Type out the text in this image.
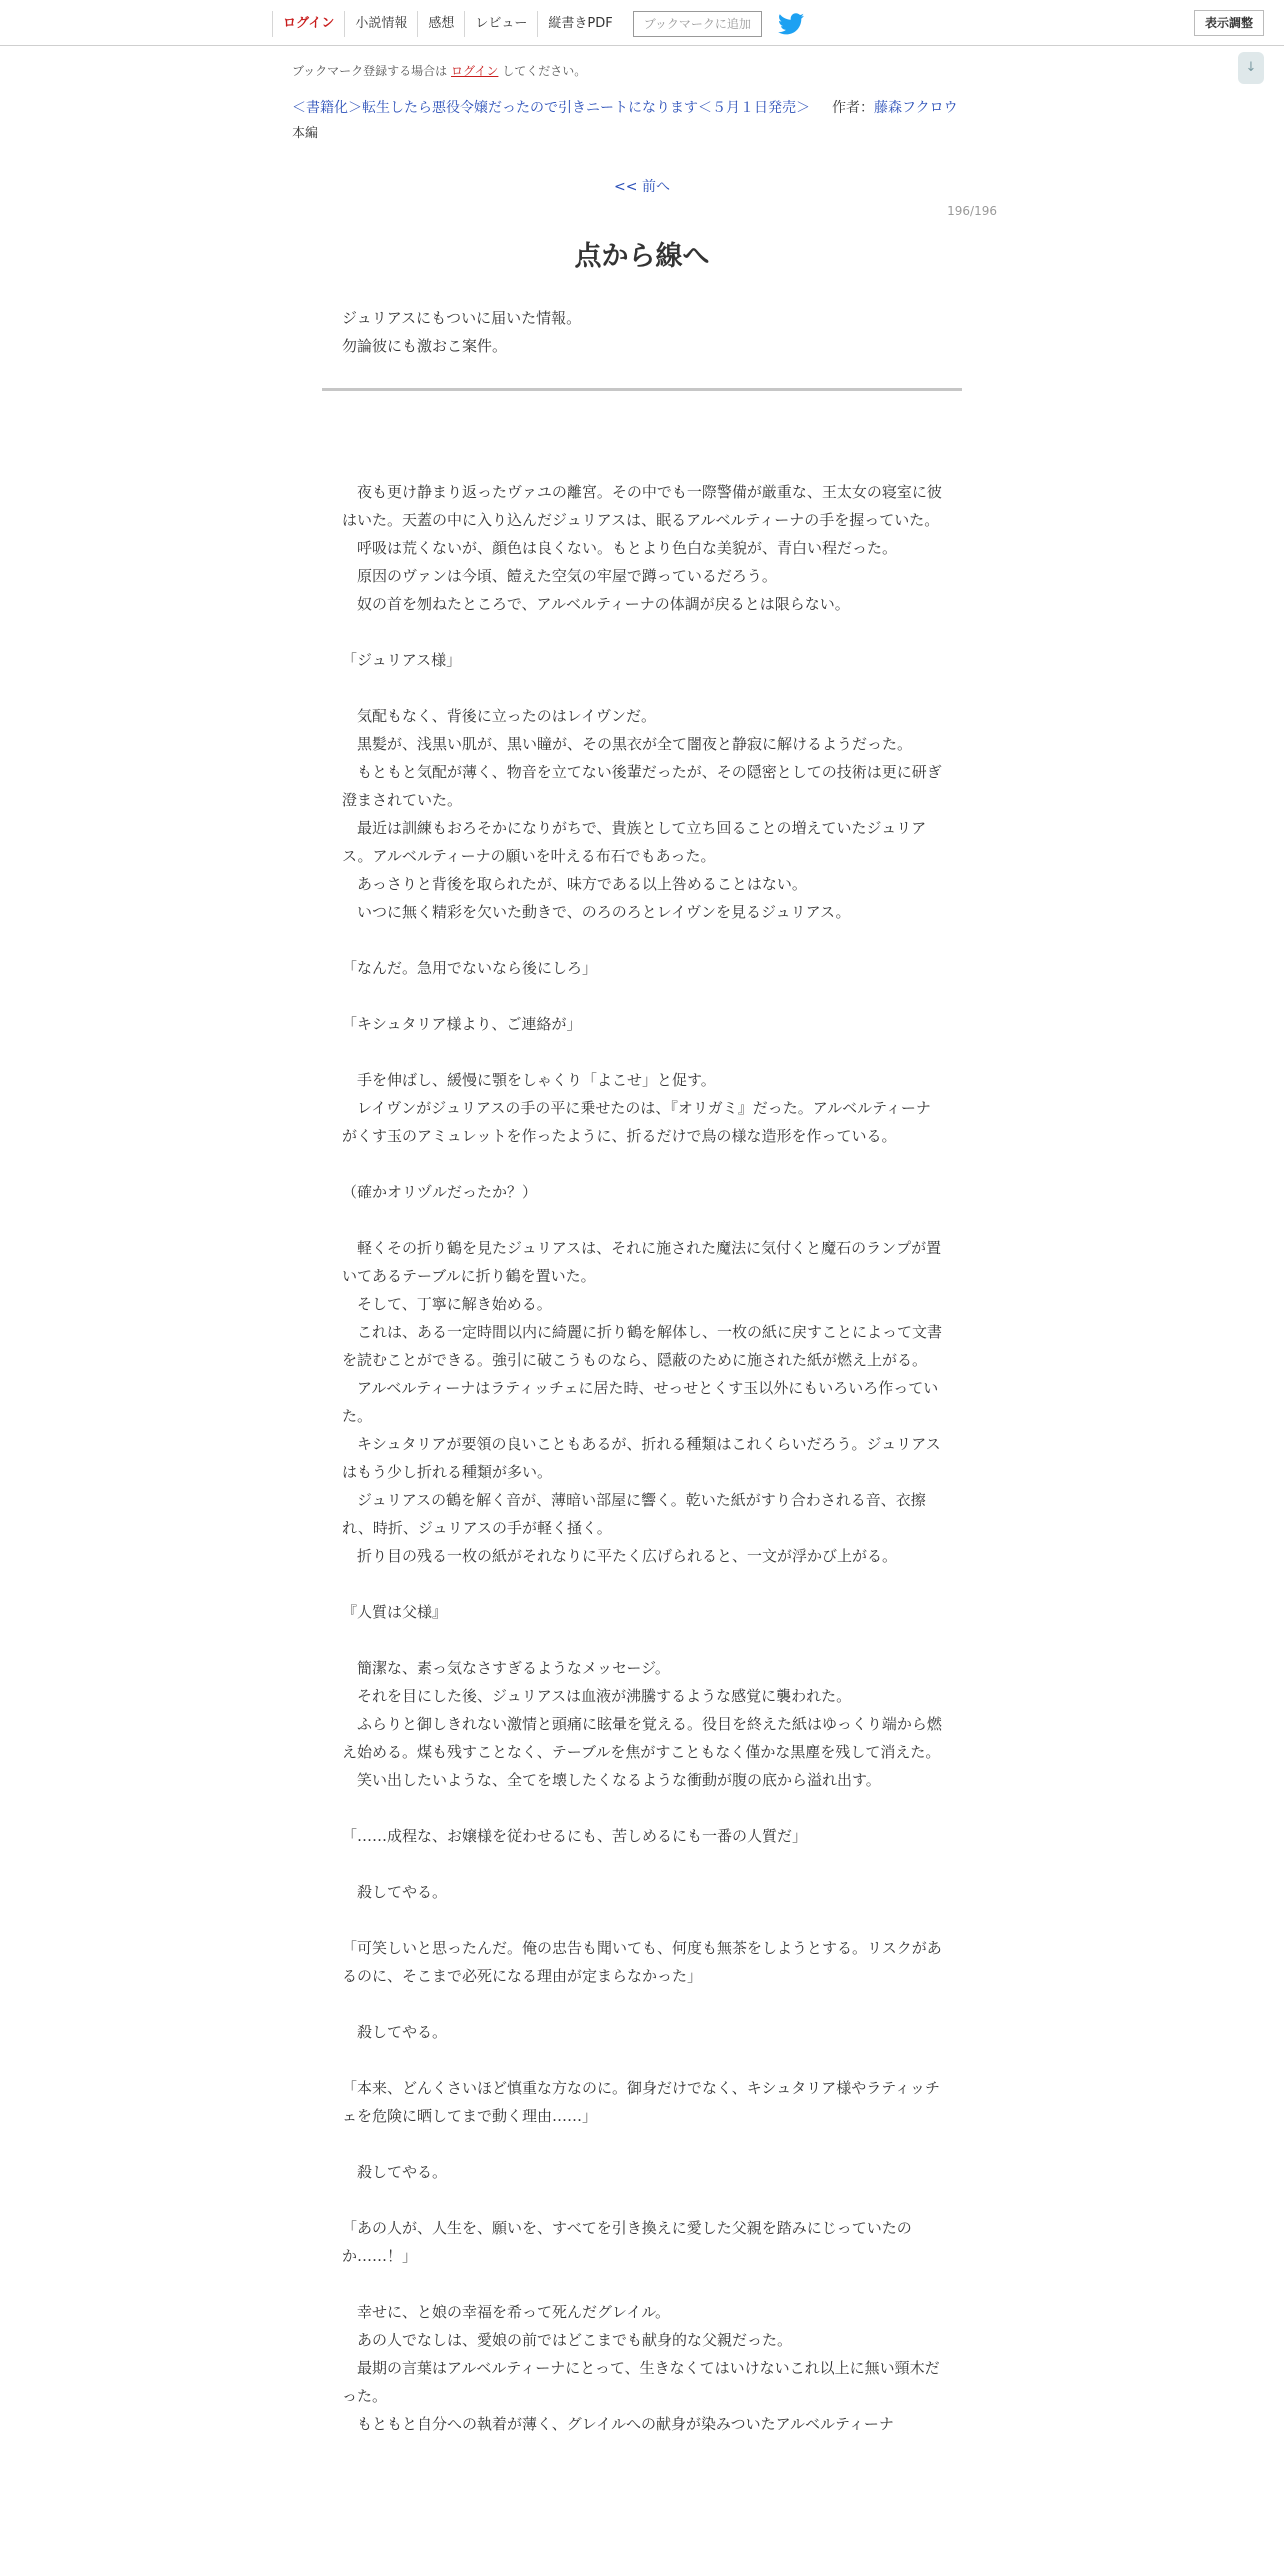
ログイン	小説情報	感想	レビュー	縦書きPDF	ブックマークに追加	表示調整
↓
ブックマーク登録する場合は ログイン してください。
＜書籍化＞転生したら悪役令嬢だったので引きニートになります＜５月１日発売＞ 作者：藤森フクロウ
本編
<< 前へ
196/196
点から線へ

ジュリアスにもついに届いた情報。

勿論彼にも激おこ案件。

　夜も更け静まり返ったヴァユの離宮。その中でも一際警備が厳重な、王太女の寝室に彼はいた。天蓋の中に入り込んだジュリアスは、眠るアルベルティーナの手を握っていた。

　呼吸は荒くないが、顔色は良くない。もとより色白な美貌が、青白い程だった。

　原因のヴァンは今頃、饐えた空気の牢屋で蹲っているだろう。

　奴の首を刎ねたところで、アルベルティーナの体調が戻るとは限らない。

「ジュリアス様」

　気配もなく、背後に立ったのはレイヴンだ。

　黒髪が、浅黒い肌が、黒い瞳が、その黒衣が全て闇夜と静寂に解けるようだった。

　もともと気配が薄く、物音を立てない後輩だったが、その隠密としての技術は更に研ぎ澄まされていた。

　最近は訓練もおろそかになりがちで、貴族として立ち回ることの増えていたジュリアス。アルベルティーナの願いを叶える布石でもあった。

　あっさりと背後を取られたが、味方である以上咎めることはない。

　いつに無く精彩を欠いた動きで、のろのろとレイヴンを見るジュリアス。

「なんだ。急用でないなら後にしろ」

「キシュタリア様より、ご連絡が」

　手を伸ばし、緩慢に顎をしゃくり「よこせ」と促す。

　レイヴンがジュリアスの手の平に乗せたのは、『オリガミ』だった。アルベルティーナがくす玉のアミュレットを作ったように、折るだけで鳥の様な造形を作っている。

（確かオリヅルだったか？）

　軽くその折り鶴を見たジュリアスは、それに施された魔法に気付くと魔石のランプが置いてあるテーブルに折り鶴を置いた。

　そして、丁寧に解き始める。

　これは、ある一定時間以内に綺麗に折り鶴を解体し、一枚の紙に戻すことによって文書を読むことができる。強引に破こうものなら、隠蔽のために施された紙が燃え上がる。

　アルベルティーナはラティッチェに居た時、せっせとくす玉以外にもいろいろ作っていた。

　キシュタリアが要領の良いこともあるが、折れる種類はこれくらいだろう。ジュリアスはもう少し折れる種類が多い。

　ジュリアスの鶴を解く音が、薄暗い部屋に響く。乾いた紙がすり合わされる音、衣擦れ、時折、ジュリアスの手が軽く掻く。

　折り目の残る一枚の紙がそれなりに平たく広げられると、一文が浮かび上がる。

『人質は父様』

　簡潔な、素っ気なさすぎるようなメッセージ。

　それを目にした後、ジュリアスは血液が沸騰するような感覚に襲われた。

　ふらりと御しきれない激情と頭痛に眩暈を覚える。役目を終えた紙はゆっくり端から燃え始める。煤も残すことなく、テーブルを焦がすこともなく僅かな黒塵を残して消えた。

　笑い出したいような、全てを壊したくなるような衝動が腹の底から溢れ出す。

「……成程な、お嬢様を従わせるにも、苦しめるにも一番の人質だ」

　殺してやる。

「可笑しいと思ったんだ。俺の忠告も聞いても、何度も無茶をしようとする。リスクがあるのに、そこまで必死になる理由が定まらなかった」

　殺してやる。

「本来、どんくさいほど慎重な方なのに。御身だけでなく、キシュタリア様やラティッチェを危険に晒してまで動く理由……」

　殺してやる。

「あの人が、人生を、願いを、すべてを引き換えに愛した父親を踏みにじっていたのか……！」

　幸せに、と娘の幸福を希って死んだグレイル。

　あの人でなしは、愛娘の前ではどこまでも献身的な父親だった。

　最期の言葉はアルベルティーナにとって、生きなくてはいけないこれ以上に無い頸木だった。

　もともと自分への執着が薄く、グレイルへの献身が染みついたアルベルティーナ
